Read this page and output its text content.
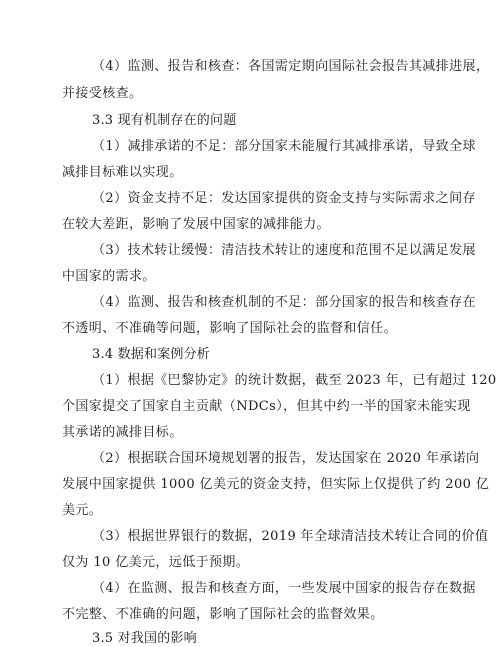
（4）监测、报告和核查：各国需定期向国际社会报告其减排进展，
并接受核查。
3.3 现有机制存在的问题
（1）减排承诺的不足：部分国家未能履行其减排承诺，导致全球
减排目标难以实现。
（2）资金支持不足：发达国家提供的资金支持与实际需求之间存
在较大差距，影响了发展中国家的减排能力。
（3）技术转让缓慢：清洁技术转让的速度和范围不足以满足发展
中国家的需求。
（4）监测、报告和核查机制的不足：部分国家的报告和核查存在
不透明、不准确等问题，影响了国际社会的监督和信任。
3.4 数据和案例分析
（1）根据《巴黎协定》的统计数据，截至 2023 年，已有超过 120
个国家提交了国家自主贡献（NDCs），但其中约一半的国家未能实现
其承诺的减排目标。
（2）根据联合国环境规划署的报告，发达国家在 2020 年承诺向
发展中国家提供 1000 亿美元的资金支持，但实际上仅提供了约 200 亿
美元。
（3）根据世界银行的数据，2019 年全球清洁技术转让合同的价值
仅为 10 亿美元，远低于预期。
（4）在监测、报告和核查方面，一些发展中国家的报告存在数据
不完整、不准确的问题，影响了国际社会的监督效果。
3.5 对我国的影响
